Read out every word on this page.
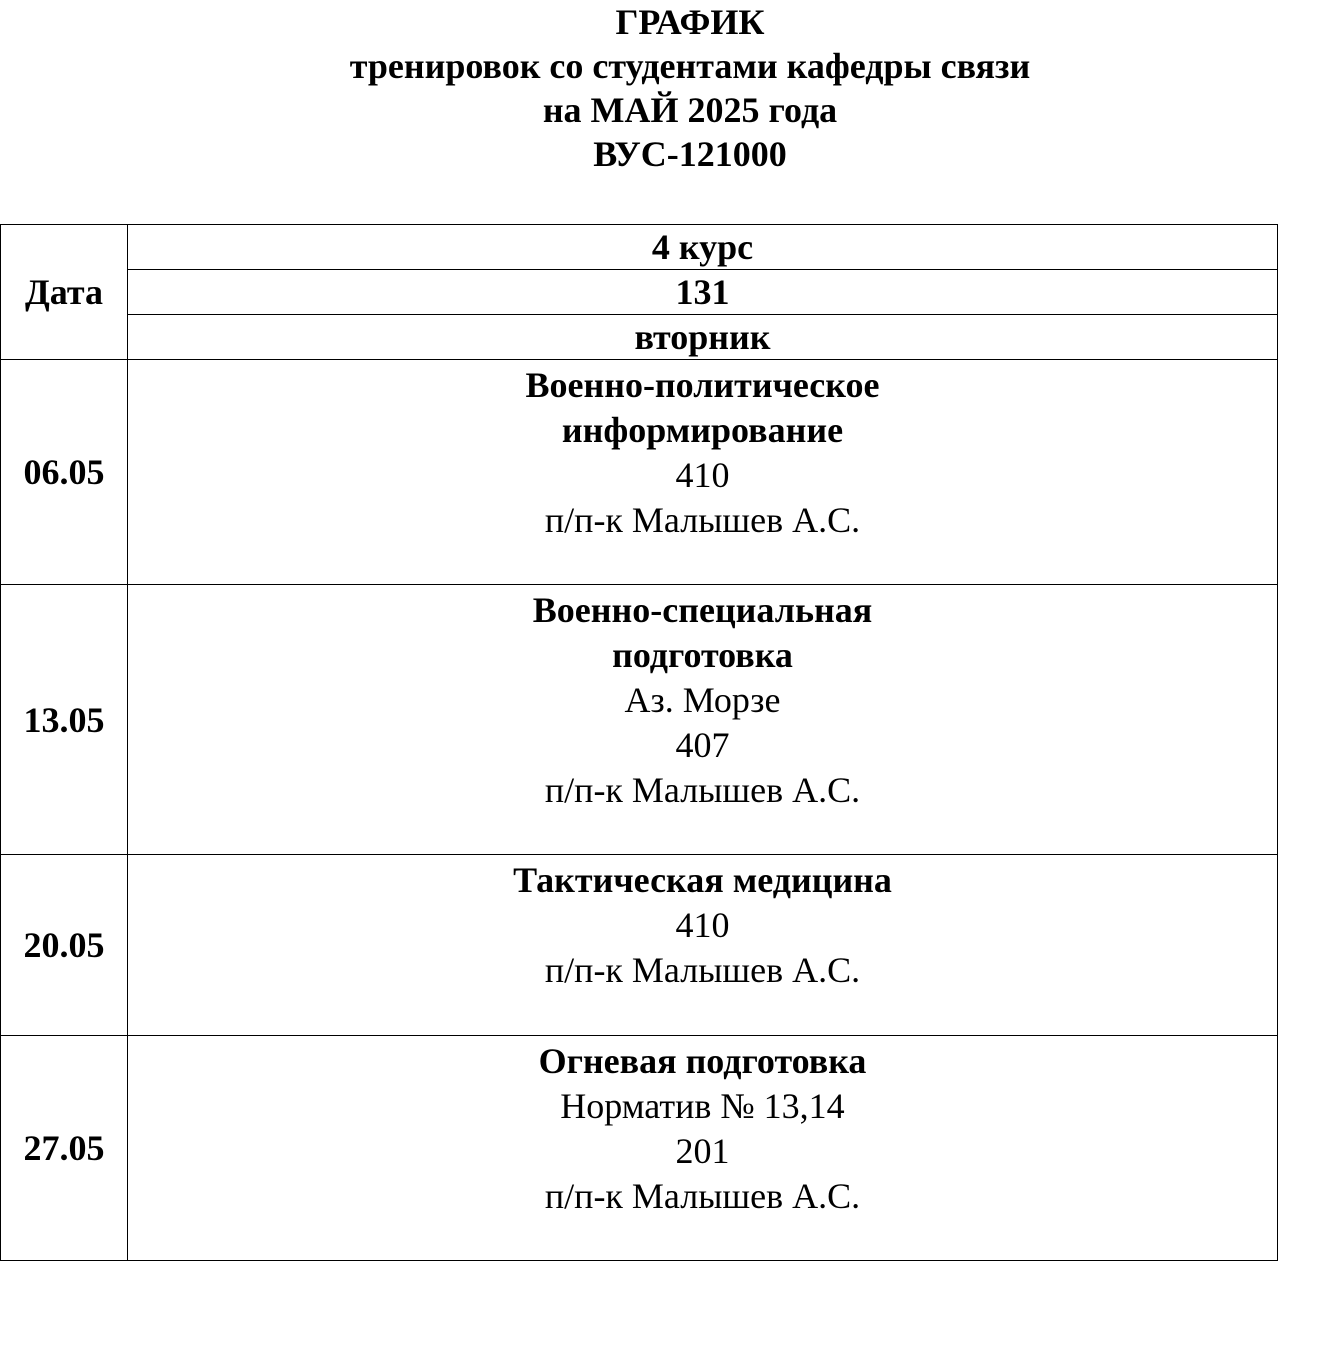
ГРАФИК
тренировок со студентами кафедры связи
на МАЙ 2025 года
ВУС-121000
Дата	4 курс
	131
	вторник
06.05	Военно-политическое
информирование
410
п/п-к Малышев А.С.

13.05	Военно-специальная
подготовка
Аз. Морзе
407
п/п-к Малышев А.С.

20.05	Тактическая медицина
410
п/п-к Малышев А.С.

27.05	Огневая подготовка
Норматив № 13,14
201
п/п-к Малышев А.С.
